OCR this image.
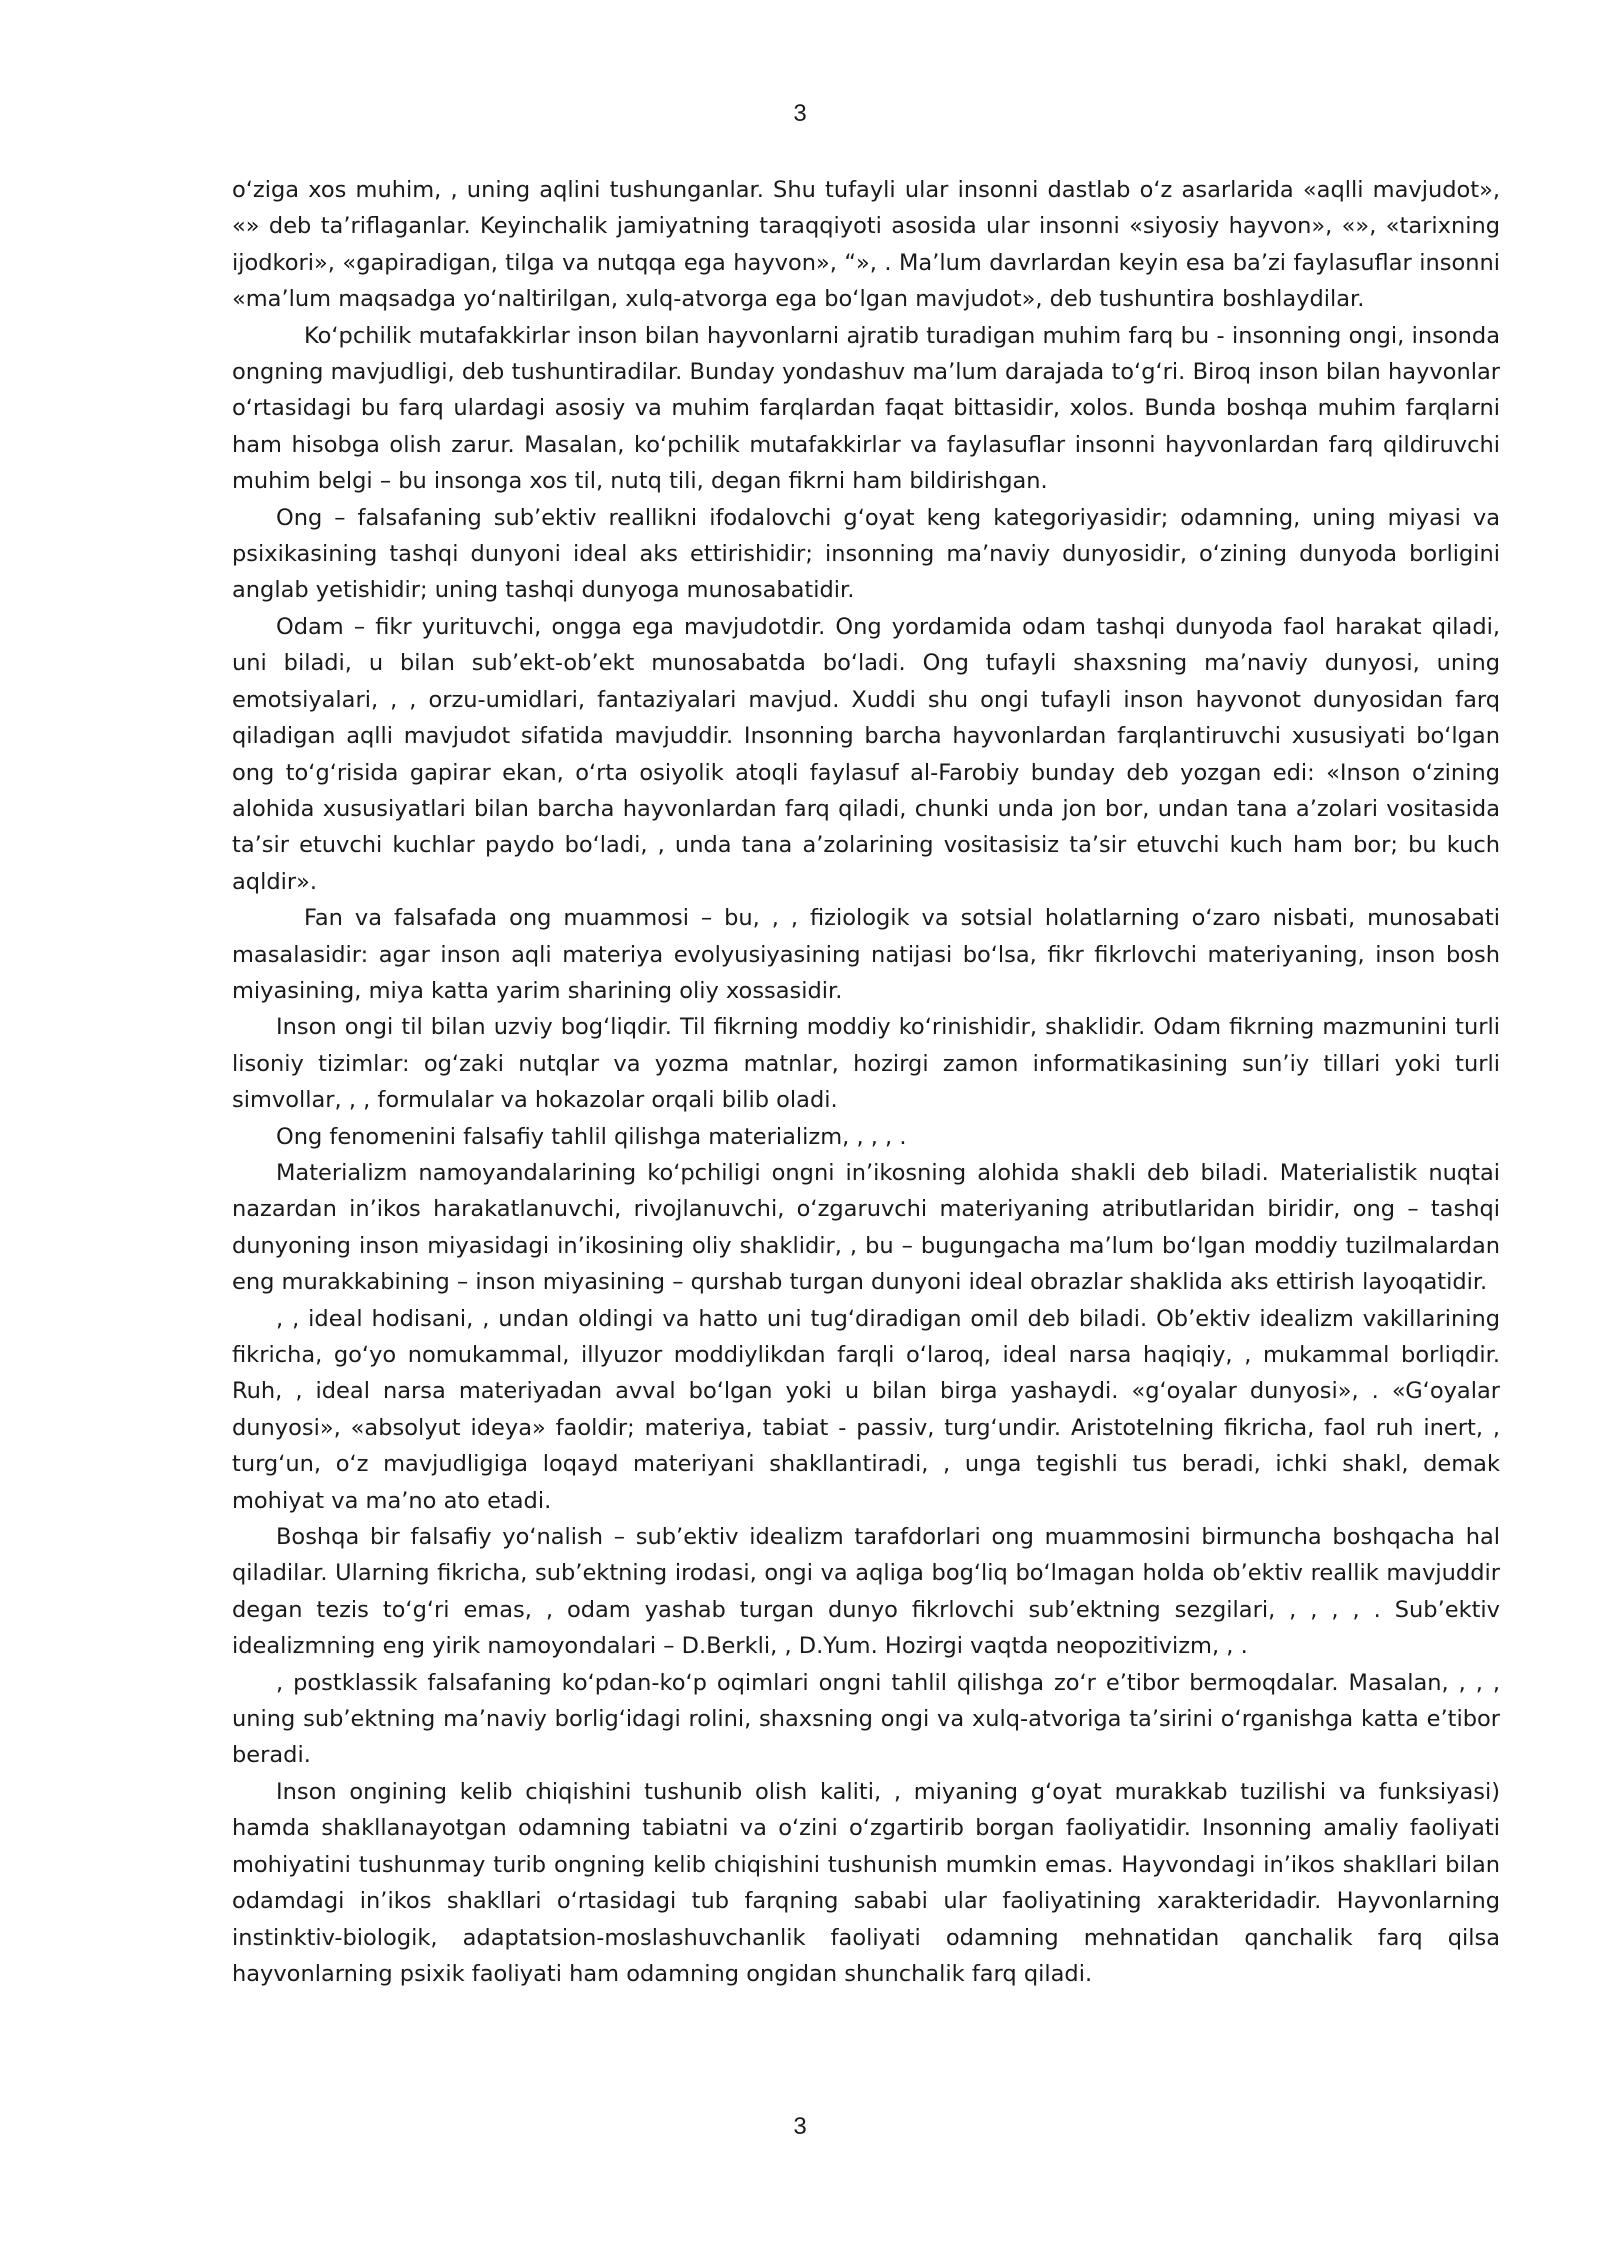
3

oʻziga xos muhim, , uning aqlini tushunganlar. Shu tufayli ular insonni dastlab oʻz asarlarida «aqlli mavjudot», «» deb ta’riflaganlar. Keyinchalik jamiyatning taraqqiyoti asosida ular insonni «siyosiy hayvon», «», «tarixning ijodkori», «gapiradigan, tilga va nutqqa ega hayvon», “», . Ma’lum davrlardan keyin esa ba’zi faylasuflar insonni «ma’lum maqsadga yoʻnaltirilgan, xulq-atvorga ega boʻlgan mavjudot», deb tushuntira boshlaydilar.

Koʻpchilik mutafakkirlar inson bilan hayvonlarni ajratib turadigan muhim farq bu - insonning ongi, insonda ongning mavjudligi, deb tushuntiradilar. Bunday yondashuv ma’lum darajada toʻgʻri. Biroq inson bilan hayvonlar oʻrtasidagi bu farq ulardagi asosiy va muhim farqlardan faqat bittasidir, xolos. Bunda boshqa muhim farqlarni ham hisobga olish zarur. Masalan, koʻpchilik mutafakkirlar va faylasuflar insonni hayvonlardan farq qildiruvchi muhim belgi – bu insonga xos til, nutq tili, degan fikrni ham bildirishgan.

Ong – falsafaning sub’ektiv reallikni ifodalovchi gʻoyat keng kategoriyasidir; odamning, uning miyasi va psixikasining tashqi dunyoni ideal aks ettirishidir; insonning ma’naviy dunyosidir, oʻzining dunyoda borligini anglab yetishidir; uning tashqi dunyoga munosabatidir.

Odam – fikr yurituvchi, ongga ega mavjudotdir. Ong yordamida odam tashqi dunyoda faol harakat qiladi, uni biladi, u bilan sub’ekt-ob’ekt munosabatda boʻladi. Ong tufayli shaxsning ma’naviy dunyosi, uning emotsiyalari, , , orzu-umidlari, fantaziyalari mavjud. Xuddi shu ongi tufayli inson hayvonot dunyosidan farq qiladigan aqlli mavjudot sifatida mavjuddir. Insonning barcha hayvonlardan farqlantiruvchi xususiyati boʻlgan ong toʻgʻrisida gapirar ekan, oʻrta osiyolik atoqli faylasuf al-Farobiy bunday deb yozgan edi: «Inson oʻzining alohida xususiyatlari bilan barcha hayvonlardan farq qiladi, chunki unda jon bor, undan tana a’zolari vositasida ta’sir etuvchi kuchlar paydo boʻladi, , unda tana a’zolarining vositasisiz ta’sir etuvchi kuch ham bor; bu kuch aqldir».

Fan va falsafada ong muammosi – bu, , , fiziologik va sotsial holatlarning oʻzaro nisbati, munosabati masalasidir: agar inson aqli materiya evolyusiyasining natijasi boʻlsa, fikr fikrlovchi materiyaning, inson bosh miyasining, miya katta yarim sharining oliy xossasidir.

Inson ongi til bilan uzviy bogʻliqdir. Til fikrning moddiy koʻrinishidir, shaklidir. Odam fikrning mazmunini turli lisoniy tizimlar: ogʻzaki nutqlar va yozma matnlar, hozirgi zamon informatikasining sun’iy tillari yoki turli simvollar, , , formulalar va hokazolar orqali bilib oladi.

Ong fenomenini falsafiy tahlil qilishga materializm, , , , .

Materializm namoyandalarining koʻpchiligi ongni in’ikosning alohida shakli deb biladi. Materialistik nuqtai nazardan in’ikos harakatlanuvchi, rivojlanuvchi, oʻzgaruvchi materiyaning atributlaridan biridir, ong – tashqi dunyoning inson miyasidagi in’ikosining oliy shaklidir, , bu – bugungacha ma’lum boʻlgan moddiy tuzilmalardan eng murakkabining – inson miyasining – qurshab turgan dunyoni ideal obrazlar shaklida aks ettirish layoqatidir.

, , ideal hodisani, , undan oldingi va hatto uni tugʻdiradigan omil deb biladi. Ob’ektiv idealizm vakillarining fikricha, goʻyo nomukammal, illyuzor moddiylikdan farqli oʻlaroq, ideal narsa haqiqiy, , mukammal borliqdir. Ruh, , ideal narsa materiyadan avval boʻlgan yoki u bilan birga yashaydi. «gʻoyalar dunyosi», . «Gʻoyalar dunyosi», «absolyut ideya» faoldir; materiya, tabiat - passiv, turgʻundir. Aristotelning fikricha, faol ruh inert, , turgʻun, oʻz mavjudligiga loqayd materiyani shakllantiradi, , unga tegishli tus beradi, ichki shakl, demak mohiyat va ma’no ato etadi.

Boshqa bir falsafiy yoʻnalish – sub’ektiv idealizm tarafdorlari ong muammosini birmuncha boshqacha hal qiladilar. Ularning fikricha, sub’ektning irodasi, ongi va aqliga bogʻliq boʻlmagan holda ob’ektiv reallik mavjuddir degan tezis toʻgʻri emas, , odam yashab turgan dunyo fikrlovchi sub’ektning sezgilari, , , , , . Sub’ektiv idealizmning eng yirik namoyondalari – D.Berkli, , D.Yum. Hozirgi vaqtda neopozitivizm, , .

, postklassik falsafaning koʻpdan-koʻp oqimlari ongni tahlil qilishga zoʻr e’tibor bermoqdalar. Masalan, , , , uning sub’ektning ma’naviy borligʻidagi rolini, shaxsning ongi va xulq-atvoriga ta’sirini oʻrganishga katta e’tibor beradi.

Inson ongining kelib chiqishini tushunib olish kaliti, , miyaning gʻoyat murakkab tuzilishi va funksiyasi) hamda shakllanayotgan odamning tabiatni va oʻzini oʻzgartirib borgan faoliyatidir. Insonning amaliy faoliyati mohiyatini tushunmay turib ongning kelib chiqishini tushunish mumkin emas. Hayvondagi in’ikos shakllari bilan odamdagi in’ikos shakllari oʻrtasidagi tub farqning sababi ular faoliyatining xarakteridadir. Hayvonlarning instinktiv-biologik, adaptatsion-moslashuvchanlik faoliyati odamning mehnatidan qanchalik farq qilsa hayvonlarning psixik faoliyati ham odamning ongidan shunchalik farq qiladi.

3
